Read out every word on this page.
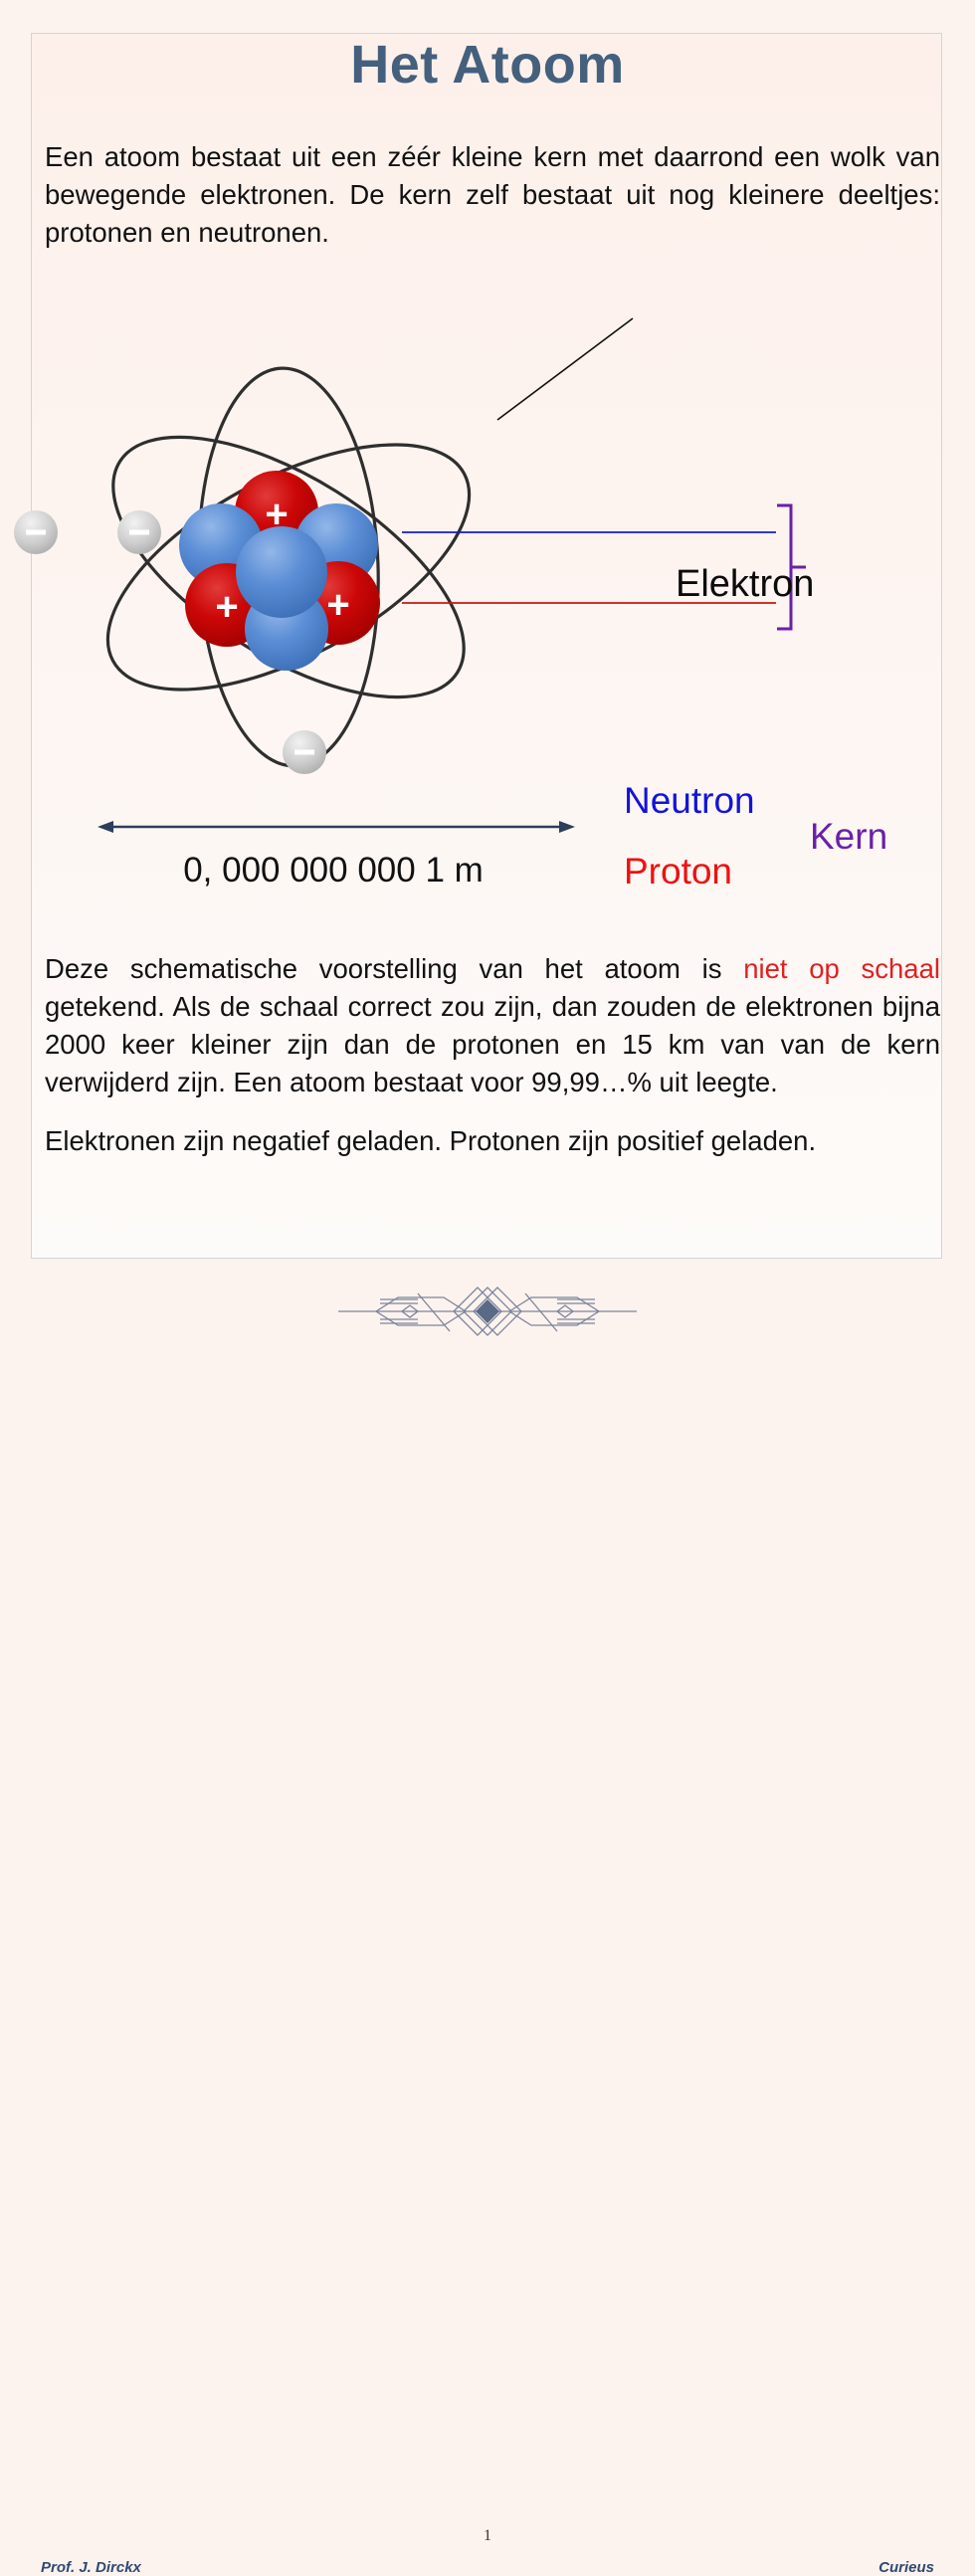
Het Atoom
Een atoom bestaat uit een zéér kleine kern met daarrond een wolk van bewegende elektronen. De kern zelf bestaat uit nog kleinere deeltjes: protonen en neutronen.
+
+ +	Elektron
Neutron
Proton
Kern
0, 000 000 000 1 m
Deze schematische voorstelling van het atoom is niet op schaal getekend. Als de schaal correct zou zijn, dan zouden de elektronen bijna 2000 keer kleiner zijn dan de protonen en 15 km van van de kern verwijderd zijn. Een atoom bestaat voor 99,99…% uit leegte.
Elektronen zijn negatief geladen. Protonen zijn positief geladen.
1
Prof. J. Dirckx	Curieus
